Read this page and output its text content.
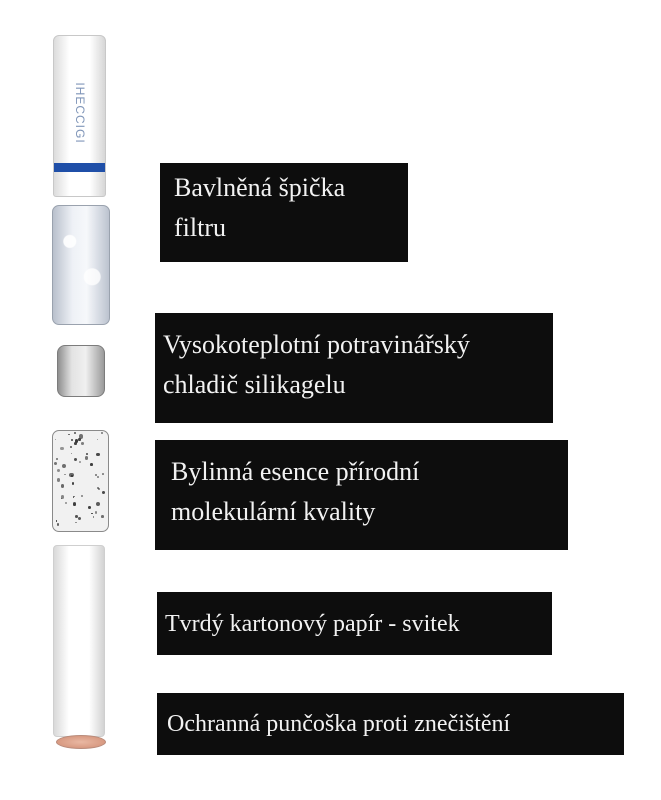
IHECCIGI
Bavlněná špička
filtru
Vysokoteplotní potravinářský
chladič silikagelu
Bylinná esence přírodní
molekulární kvality
Tvrdý kartonový papír - svitek
Ochranná punčoška proti znečištění
